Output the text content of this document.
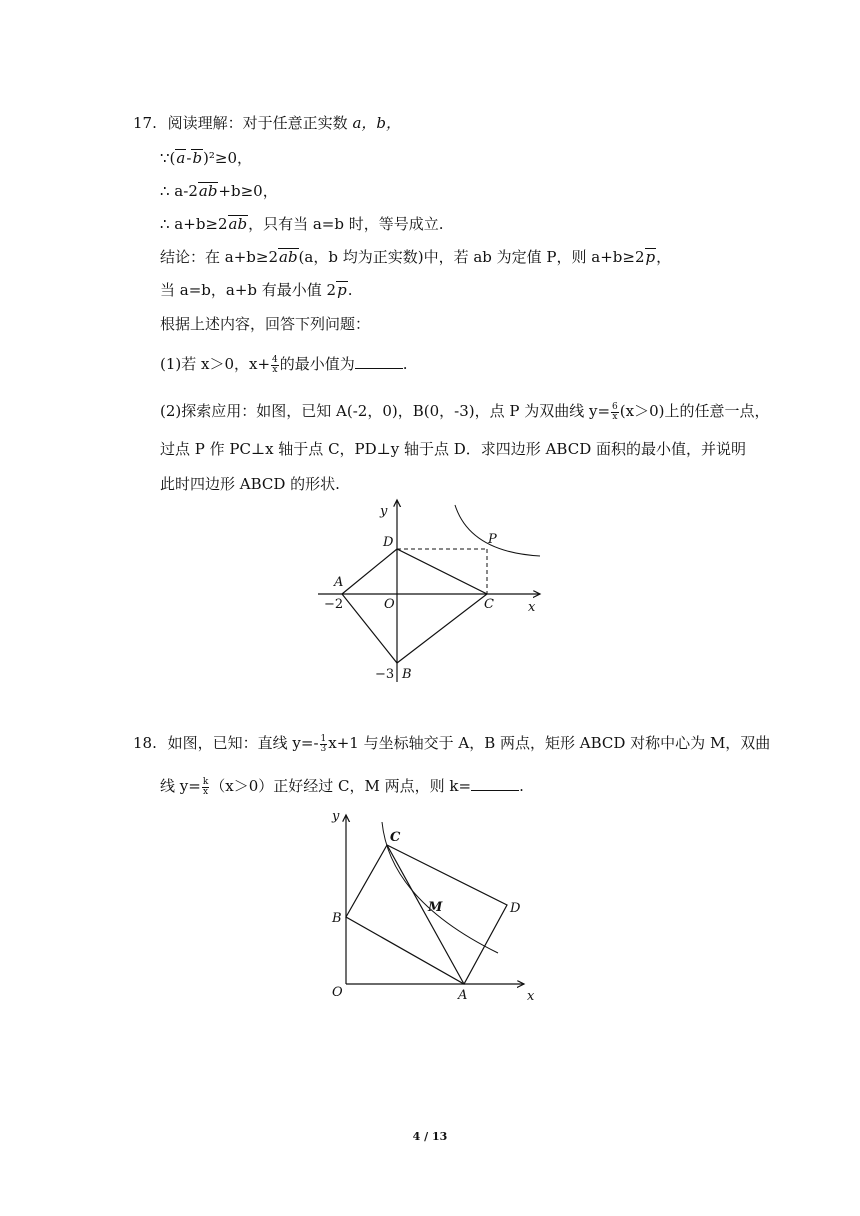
17. 阅读理解：对于任意正实数 a，b，
∵(a-b)²≥0，
∴ a-2ab+b≥0，
∴ a+b≥2ab，只有当 a=b 时，等号成立.
结论：在 a+b≥2ab(a，b 均为正实数)中，若 ab 为定值 P，则 a+b≥2p，
当 a=b，a+b 有最小值 2p.
根据上述内容，回答下列问题：
(1)若 x＞0，$x+ \frac{4}{x}$ 的最小值为	.
(2)探索应用：如图，已知 A(-2，0)，B(0，-3)，点 P 为双曲线 $y= \frac{6}{x} (x>0)$上的任意一点，
过点 P 作 PC⊥x 轴于点 C，PD⊥y 轴于点 D．求四边形 ABCD 面积的最小值，并说明
此时四边形 ABCD 的形状.
y
D	P
A
−2	O	C	x
−3 B
18. 如图，已知：直线 $y=- \frac{1}{3} x+1$ 与坐标轴交于 A，B 两点，矩形 ABCD 对称中心为 M，双曲
线 $y= \frac{k}{x} (x>0)$正好经过 C，M 两点，则 k=	.
y
C
M	D
B
O	A	x
4 / 13
